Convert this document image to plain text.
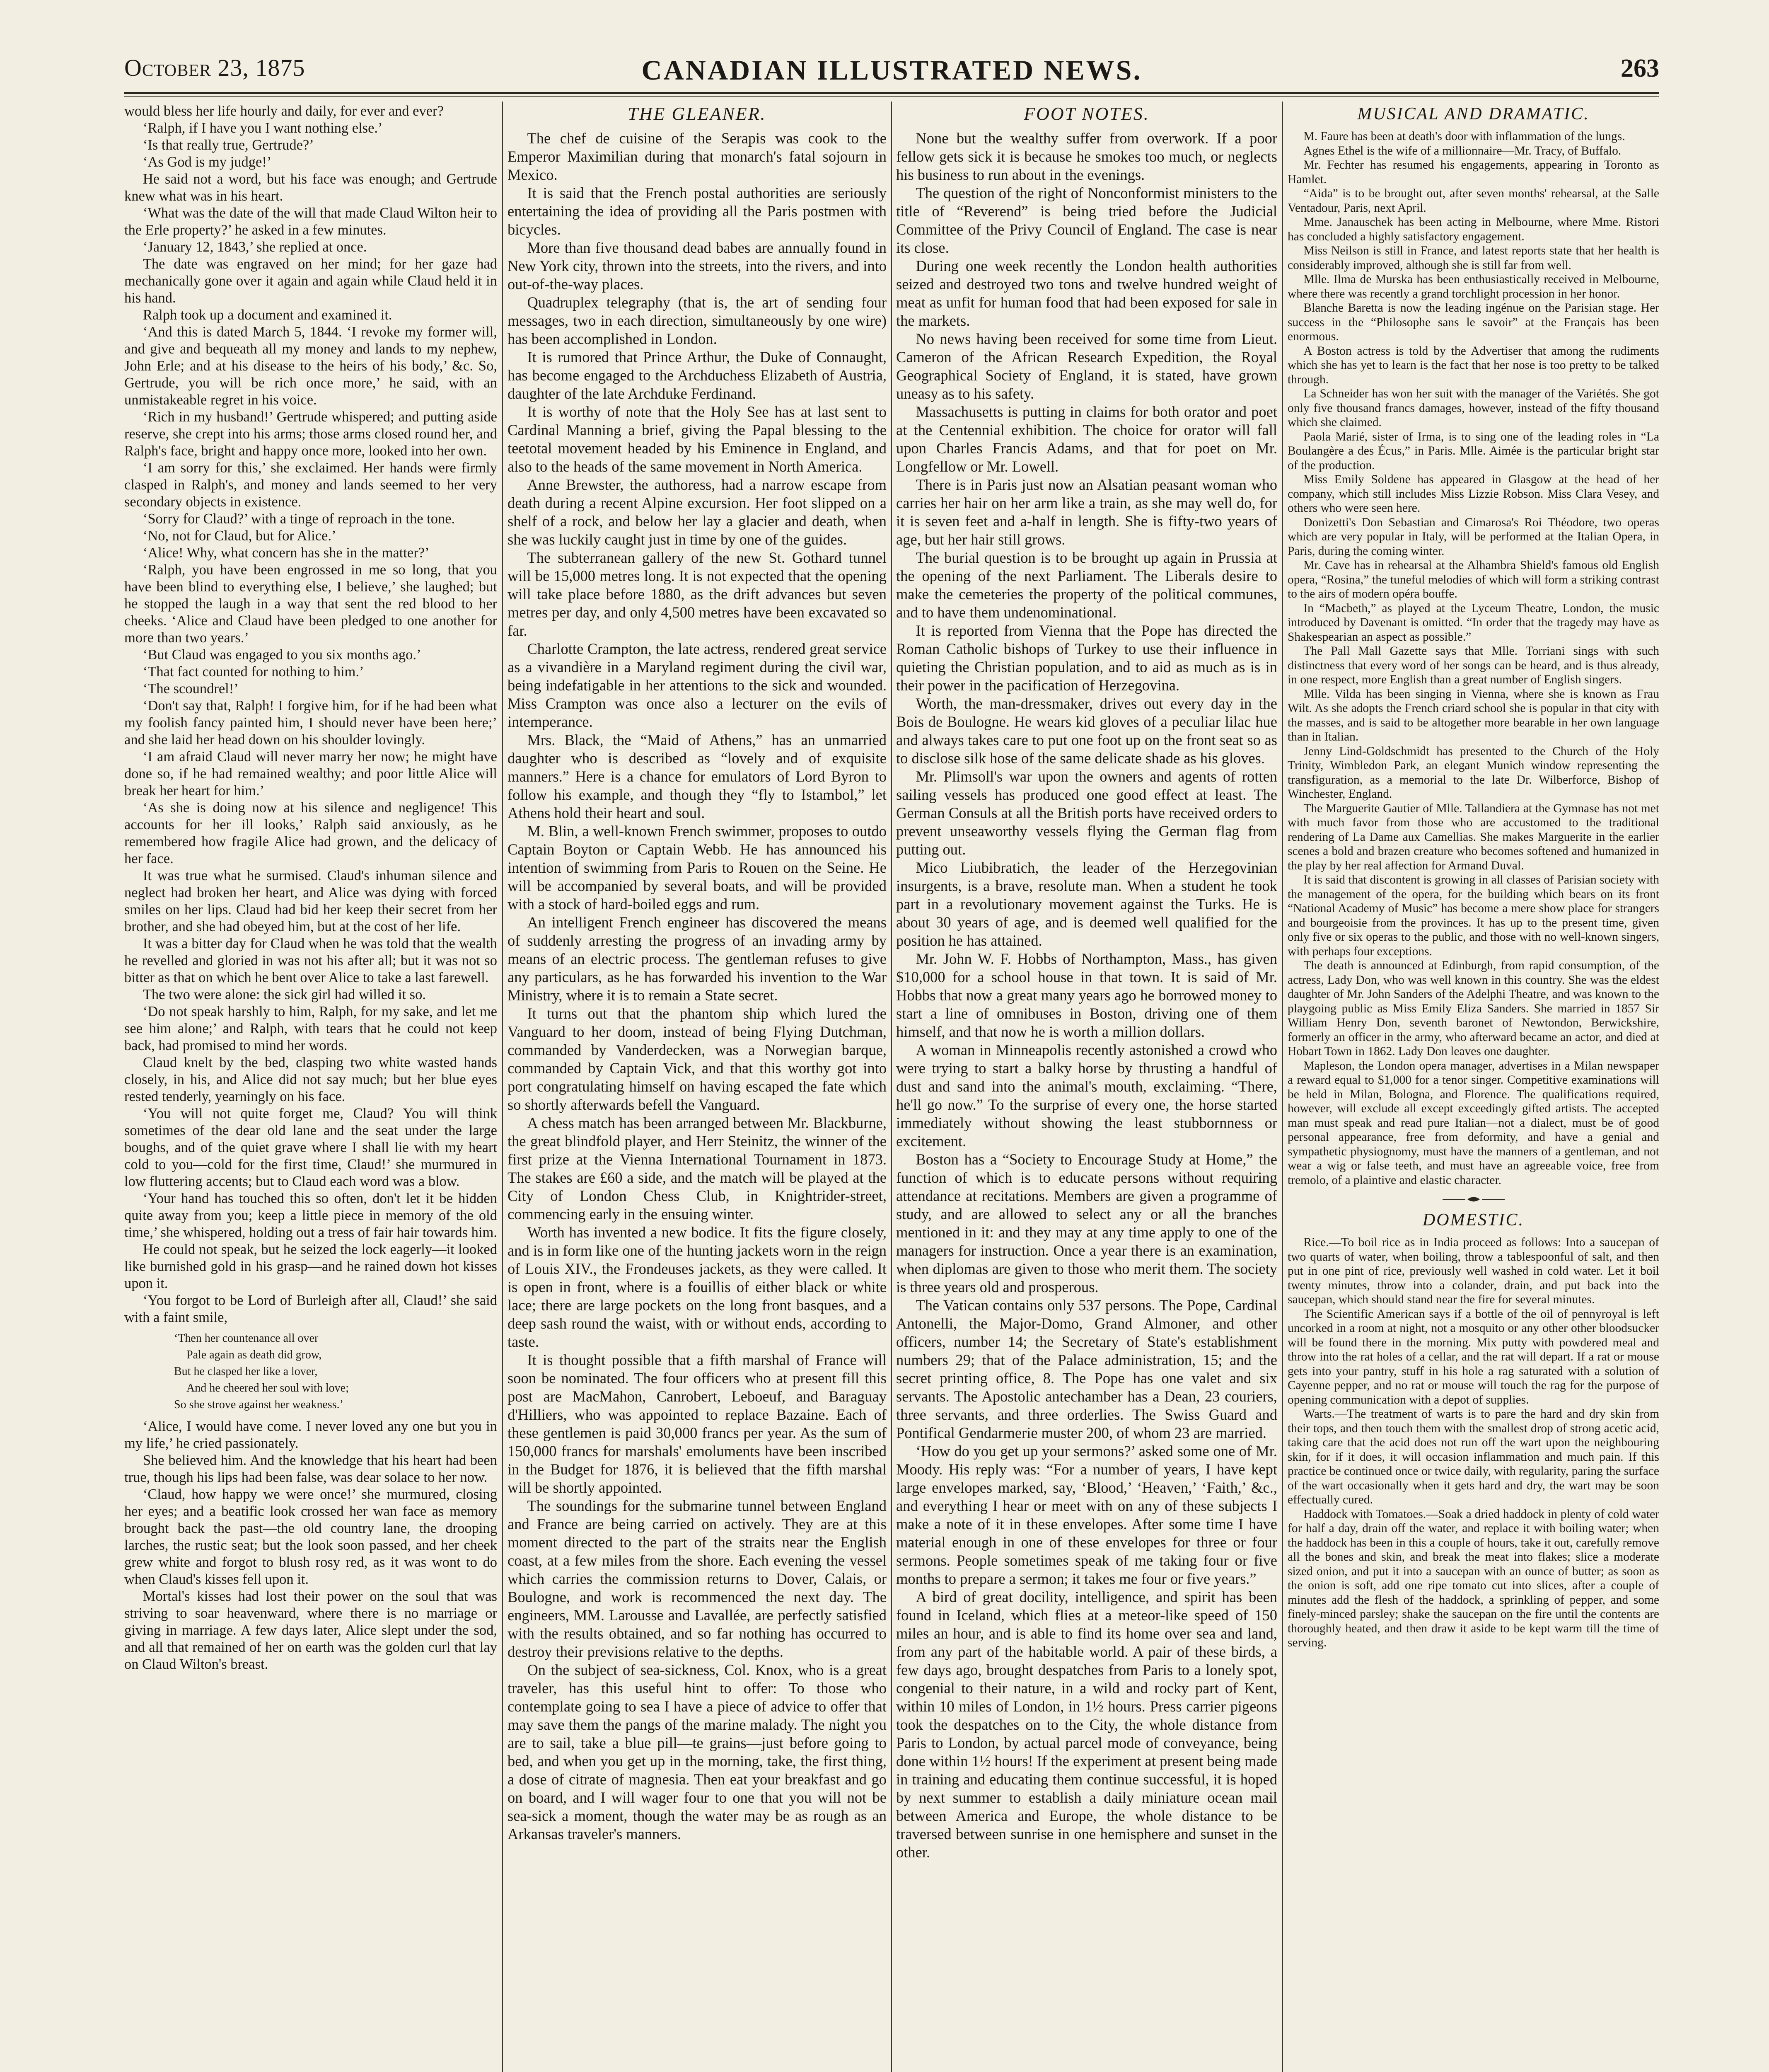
October 23, 1875	CANADIAN ILLUSTRATED NEWS.	263

would bless her life hourly and daily, for ever and ever?

‘Ralph, if I have you I want nothing else.’

‘Is that really true, Gertrude?’

‘As God is my judge!’

He said not a word, but his face was enough; and Gertrude knew what was in his heart.

‘What was the date of the will that made Claud Wilton heir to the Erle property?’ he asked in a few minutes.

‘January 12, 1843,’ she replied at once.

The date was engraved on her mind; for her gaze had mechanically gone over it again and again while Claud held it in his hand.

Ralph took up a document and examined it.

‘And this is dated March 5, 1844. ‘I revoke my former will, and give and bequeath all my money and lands to my nephew, John Erle; and at his disease to the heirs of his body,’ &c. So, Gertrude, you will be rich once more,’ he said, with an unmistakeable regret in his voice.

‘Rich in my husband!’ Gertrude whispered; and putting aside reserve, she crept into his arms; those arms closed round her, and Ralph's face, bright and happy once more, looked into her own.

‘I am sorry for this,’ she exclaimed. Her hands were firmly clasped in Ralph's, and money and lands seemed to her very secondary objects in existence.

‘Sorry for Claud?’ with a tinge of reproach in the tone.

‘No, not for Claud, but for Alice.’

‘Alice! Why, what concern has she in the matter?’

‘Ralph, you have been engrossed in me so long, that you have been blind to everything else, I believe,’ she laughed; but he stopped the laugh in a way that sent the red blood to her cheeks. ‘Alice and Claud have been pledged to one another for more than two years.’

‘But Claud was engaged to you six months ago.’

‘That fact counted for nothing to him.’

‘The scoundrel!’

‘Don't say that, Ralph! I forgive him, for if he had been what my foolish fancy painted him, I should never have been here;’ and she laid her head down on his shoulder lovingly.

‘I am afraid Claud will never marry her now; he might have done so, if he had remained wealthy; and poor little Alice will break her heart for him.’

‘As she is doing now at his silence and negligence! This accounts for her ill looks,’ Ralph said anxiously, as he remembered how fragile Alice had grown, and the delicacy of her face.

It was true what he surmised. Claud's inhuman silence and neglect had broken her heart, and Alice was dying with forced smiles on her lips. Claud had bid her keep their secret from her brother, and she had obeyed him, but at the cost of her life.

It was a bitter day for Claud when he was told that the wealth he revelled and gloried in was not his after all; but it was not so bitter as that on which he bent over Alice to take a last farewell.

The two were alone: the sick girl had willed it so.

‘Do not speak harshly to him, Ralph, for my sake, and let me see him alone;’ and Ralph, with tears that he could not keep back, had promised to mind her words.

Claud knelt by the bed, clasping two white wasted hands closely, in his, and Alice did not say much; but her blue eyes rested tenderly, yearningly on his face.

‘You will not quite forget me, Claud? You will think sometimes of the dear old lane and the seat under the large boughs, and of the quiet grave where I shall lie with my heart cold to you—cold for the first time, Claud!’ she murmured in low fluttering accents; but to Claud each word was a blow.

‘Your hand has touched this so often, don't let it be hidden quite away from you; keep a little piece in memory of the old time,’ she whispered, holding out a tress of fair hair towards him.

He could not speak, but he seized the lock eagerly—it looked like burnished gold in his grasp—and he rained down hot kisses upon it.

‘You forgot to be Lord of Burleigh after all, Claud!’ she said with a faint smile,

‘Then her countenance all over
Pale again as death did grow,
But he clasped her like a lover,
And he cheered her soul with love;
So she strove against her weakness.’

‘Alice, I would have come. I never loved any one but you in my life,’ he cried passionately.

She believed him. And the knowledge that his heart had been true, though his lips had been false, was dear solace to her now.

‘Claud, how happy we were once!’ she murmured, closing her eyes; and a beatific look crossed her wan face as memory brought back the past—the old country lane, the drooping larches, the rustic seat; but the look soon passed, and her cheek grew white and forgot to blush rosy red, as it was wont to do when Claud's kisses fell upon it.

Mortal's kisses had lost their power on the soul that was striving to soar heavenward, where there is no marriage or giving in marriage. A few days later, Alice slept under the sod, and all that remained of her on earth was the golden curl that lay on Claud Wilton's breast.

THE GLEANER.

The chef de cuisine of the Serapis was cook to the Emperor Maximilian during that monarch's fatal sojourn in Mexico.

It is said that the French postal authorities are seriously entertaining the idea of providing all the Paris postmen with bicycles.

More than five thousand dead babes are annually found in New York city, thrown into the streets, into the rivers, and into out-of-the-way places.

Quadruplex telegraphy (that is, the art of sending four messages, two in each direction, simultaneously by one wire) has been accomplished in London.

It is rumored that Prince Arthur, the Duke of Connaught, has become engaged to the Archduchess Elizabeth of Austria, daughter of the late Archduke Ferdinand.

It is worthy of note that the Holy See has at last sent to Cardinal Manning a brief, giving the Papal blessing to the teetotal movement headed by his Eminence in England, and also to the heads of the same movement in North America.

Anne Brewster, the authoress, had a narrow escape from death during a recent Alpine excursion. Her foot slipped on a shelf of a rock, and below her lay a glacier and death, when she was luckily caught just in time by one of the guides.

The subterranean gallery of the new St. Gothard tunnel will be 15,000 metres long. It is not expected that the opening will take place before 1880, as the drift advances but seven metres per day, and only 4,500 metres have been excavated so far.

Charlotte Crampton, the late actress, rendered great service as a vivandière in a Maryland regiment during the civil war, being indefatigable in her attentions to the sick and wounded. Miss Crampton was once also a lecturer on the evils of intemperance.

Mrs. Black, the “Maid of Athens,” has an unmarried daughter who is described as “lovely and of exquisite manners.” Here is a chance for emulators of Lord Byron to follow his example, and though they “fly to Istambol,” let Athens hold their heart and soul.

M. Blin, a well-known French swimmer, proposes to outdo Captain Boyton or Captain Webb. He has announced his intention of swimming from Paris to Rouen on the Seine. He will be accompanied by several boats, and will be provided with a stock of hard-boiled eggs and rum.

An intelligent French engineer has discovered the means of suddenly arresting the progress of an invading army by means of an electric process. The gentleman refuses to give any particulars, as he has forwarded his invention to the War Ministry, where it is to remain a State secret.

It turns out that the phantom ship which lured the Vanguard to her doom, instead of being Flying Dutchman, commanded by Vanderdecken, was a Norwegian barque, commanded by Captain Vick, and that this worthy got into port congratulating himself on having escaped the fate which so shortly afterwards befell the Vanguard.

A chess match has been arranged between Mr. Blackburne, the great blindfold player, and Herr Steinitz, the winner of the first prize at the Vienna International Tournament in 1873. The stakes are £60 a side, and the match will be played at the City of London Chess Club, in Knightrider-street, commencing early in the ensuing winter.

Worth has invented a new bodice. It fits the figure closely, and is in form like one of the hunting jackets worn in the reign of Louis XIV., the Frondeuses jackets, as they were called. It is open in front, where is a fouillis of either black or white lace; there are large pockets on the long front basques, and a deep sash round the waist, with or without ends, according to taste.

It is thought possible that a fifth marshal of France will soon be nominated. The four officers who at present fill this post are MacMahon, Canrobert, Leboeuf, and Baraguay d'Hilliers, who was appointed to replace Bazaine. Each of these gentlemen is paid 30,000 francs per year. As the sum of 150,000 francs for marshals' emoluments have been inscribed in the Budget for 1876, it is believed that the fifth marshal will be shortly appointed.

The soundings for the submarine tunnel between England and France are being carried on actively. They are at this moment directed to the part of the straits near the English coast, at a few miles from the shore. Each evening the vessel which carries the commission returns to Dover, Calais, or Boulogne, and work is recommenced the next day. The engineers, MM. Larousse and Lavallée, are perfectly satisfied with the results obtained, and so far nothing has occurred to destroy their previsions relative to the depths.

On the subject of sea-sickness, Col. Knox, who is a great traveler, has this useful hint to offer: To those who contemplate going to sea I have a piece of advice to offer that may save them the pangs of the marine malady. The night you are to sail, take a blue pill—te grains—just before going to bed, and when you get up in the morning, take, the first thing, a dose of citrate of magnesia. Then eat your breakfast and go on board, and I will wager four to one that you will not be sea-sick a moment, though the water may be as rough as an Arkansas traveler's manners.

FOOT NOTES.

None but the wealthy suffer from overwork. If a poor fellow gets sick it is because he smokes too much, or neglects his business to run about in the evenings.

The question of the right of Nonconformist ministers to the title of “Reverend” is being tried before the Judicial Committee of the Privy Council of England. The case is near its close.

During one week recently the London health authorities seized and destroyed two tons and twelve hundred weight of meat as unfit for human food that had been exposed for sale in the markets.

No news having been received for some time from Lieut. Cameron of the African Research Expedition, the Royal Geographical Society of England, it is stated, have grown uneasy as to his safety.

Massachusetts is putting in claims for both orator and poet at the Centennial exhibition. The choice for orator will fall upon Charles Francis Adams, and that for poet on Mr. Longfellow or Mr. Lowell.

There is in Paris just now an Alsatian peasant woman who carries her hair on her arm like a train, as she may well do, for it is seven feet and a-half in length. She is fifty-two years of age, but her hair still grows.

The burial question is to be brought up again in Prussia at the opening of the next Parliament. The Liberals desire to make the cemeteries the property of the political communes, and to have them undenominational.

It is reported from Vienna that the Pope has directed the Roman Catholic bishops of Turkey to use their influence in quieting the Christian population, and to aid as much as is in their power in the pacification of Herzegovina.

Worth, the man-dressmaker, drives out every day in the Bois de Boulogne. He wears kid gloves of a peculiar lilac hue and always takes care to put one foot up on the front seat so as to disclose silk hose of the same delicate shade as his gloves.

Mr. Plimsoll's war upon the owners and agents of rotten sailing vessels has produced one good effect at least. The German Consuls at all the British ports have received orders to prevent unseaworthy vessels flying the German flag from putting out.

Mico Liubibratich, the leader of the Herzegovinian insurgents, is a brave, resolute man. When a student he took part in a revolutionary movement against the Turks. He is about 30 years of age, and is deemed well qualified for the position he has attained.

Mr. John W. F. Hobbs of Northampton, Mass., has given $10,000 for a school house in that town. It is said of Mr. Hobbs that now a great many years ago he borrowed money to start a line of omnibuses in Boston, driving one of them himself, and that now he is worth a million dollars.

A woman in Minneapolis recently astonished a crowd who were trying to start a balky horse by thrusting a handful of dust and sand into the animal's mouth, exclaiming. “There, he'll go now.” To the surprise of every one, the horse started immediately without showing the least stubbornness or excitement.

Boston has a “Society to Encourage Study at Home,” the function of which is to educate persons without requiring attendance at recitations. Members are given a programme of study, and are allowed to select any or all the branches mentioned in it: and they may at any time apply to one of the managers for instruction. Once a year there is an examination, when diplomas are given to those who merit them. The society is three years old and prosperous.

The Vatican contains only 537 persons. The Pope, Cardinal Antonelli, the Major-Domo, Grand Almoner, and other officers, number 14; the Secretary of State's establishment numbers 29; that of the Palace administration, 15; and the secret printing office, 8. The Pope has one valet and six servants. The Apostolic antechamber has a Dean, 23 couriers, three servants, and three orderlies. The Swiss Guard and Pontifical Gendarmerie muster 200, of whom 23 are married.

‘How do you get up your sermons?’ asked some one of Mr. Moody. His reply was: “For a number of years, I have kept large envelopes marked, say, ‘Blood,’ ‘Heaven,’ ‘Faith,’ &c., and everything I hear or meet with on any of these subjects I make a note of it in these envelopes. After some time I have material enough in one of these envelopes for three or four sermons. People sometimes speak of me taking four or five months to prepare a sermon; it takes me four or five years.”

A bird of great docility, intelligence, and spirit has been found in Iceland, which flies at a meteor-like speed of 150 miles an hour, and is able to find its home over sea and land, from any part of the habitable world. A pair of these birds, a few days ago, brought despatches from Paris to a lonely spot, congenial to their nature, in a wild and rocky part of Kent, within 10 miles of London, in 1½ hours. Press carrier pigeons took the despatches on to the City, the whole distance from Paris to London, by actual parcel mode of conveyance, being done within 1½ hours! If the experiment at present being made in training and educating them continue successful, it is hoped by next summer to establish a daily miniature ocean mail between America and Europe, the whole distance to be traversed between sunrise in one hemisphere and sunset in the other.

MUSICAL AND DRAMATIC.

M. Faure has been at death's door with inflammation of the lungs.

Agnes Ethel is the wife of a millionnaire—Mr. Tracy, of Buffalo.

Mr. Fechter has resumed his engagements, appearing in Toronto as Hamlet.

“Aida” is to be brought out, after seven months' rehearsal, at the Salle Ventadour, Paris, next April.

Mme. Janauschek has been acting in Melbourne, where Mme. Ristori has concluded a highly satisfactory engagement.

Miss Neilson is still in France, and latest reports state that her health is considerably improved, although she is still far from well.

Mlle. Ilma de Murska has been enthusiastically received in Melbourne, where there was recently a grand torchlight procession in her honor.

Blanche Baretta is now the leading ingénue on the Parisian stage. Her success in the “Philosophe sans le savoir” at the Français has been enormous.

A Boston actress is told by the Advertiser that among the rudiments which she has yet to learn is the fact that her nose is too pretty to be talked through.

La Schneider has won her suit with the manager of the Variétés. She got only five thousand francs damages, however, instead of the fifty thousand which she claimed.

Paola Marié, sister of Irma, is to sing one of the leading roles in “La Boulangère a des Écus,” in Paris. Mlle. Aimée is the particular bright star of the production.

Miss Emily Soldene has appeared in Glasgow at the head of her company, which still includes Miss Lizzie Robson. Miss Clara Vesey, and others who were seen here.

Donizetti's Don Sebastian and Cimarosa's Roi Théodore, two operas which are very popular in Italy, will be performed at the Italian Opera, in Paris, during the coming winter.

Mr. Cave has in rehearsal at the Alhambra Shield's famous old English opera, “Rosina,” the tuneful melodies of which will form a striking contrast to the airs of modern opéra bouffe.

In “Macbeth,” as played at the Lyceum Theatre, London, the music introduced by Davenant is omitted. “In order that the tragedy may have as Shakespearian an aspect as possible.”

The Pall Mall Gazette says that Mlle. Torriani sings with such distinctness that every word of her songs can be heard, and is thus already, in one respect, more English than a great number of English singers.

Mlle. Vilda has been singing in Vienna, where she is known as Frau Wilt. As she adopts the French criard school she is popular in that city with the masses, and is said to be altogether more bearable in her own language than in Italian.

Jenny Lind-Goldschmidt has presented to the Church of the Holy Trinity, Wimbledon Park, an elegant Munich window representing the transfiguration, as a memorial to the late Dr. Wilberforce, Bishop of Winchester, England.

The Marguerite Gautier of Mlle. Tallandiera at the Gymnase has not met with much favor from those who are accustomed to the traditional rendering of La Dame aux Camellias. She makes Marguerite in the earlier scenes a bold and brazen creature who becomes softened and humanized in the play by her real affection for Armand Duval.

It is said that discontent is growing in all classes of Parisian society with the management of the opera, for the building which bears on its front “National Academy of Music” has become a mere show place for strangers and bourgeoisie from the provinces. It has up to the present time, given only five or six operas to the public, and those with no well-known singers, with perhaps four exceptions.

The death is announced at Edinburgh, from rapid consumption, of the actress, Lady Don, who was well known in this country. She was the eldest daughter of Mr. John Sanders of the Adelphi Theatre, and was known to the playgoing public as Miss Emily Eliza Sanders. She married in 1857 Sir William Henry Don, seventh baronet of Newtondon, Berwickshire, formerly an officer in the army, who afterward became an actor, and died at Hobart Town in 1862. Lady Don leaves one daughter.

Mapleson, the London opera manager, advertises in a Milan newspaper a reward equal to $1,000 for a tenor singer. Competitive examinations will be held in Milan, Bologna, and Florence. The qualifications required, however, will exclude all except exceedingly gifted artists. The accepted man must speak and read pure Italian—not a dialect, must be of good personal appearance, free from deformity, and have a genial and sympathetic physiognomy, must have the manners of a gentleman, and not wear a wig or false teeth, and must have an agreeable voice, free from tremolo, of a plaintive and elastic character.

DOMESTIC.

Rice.—To boil rice as in India proceed as follows: Into a saucepan of two quarts of water, when boiling, throw a tablespoonful of salt, and then put in one pint of rice, previously well washed in cold water. Let it boil twenty minutes, throw into a colander, drain, and put back into the saucepan, which should stand near the fire for several minutes.

The Scientific American says if a bottle of the oil of pennyroyal is left uncorked in a room at night, not a mosquito or any other other bloodsucker will be found there in the morning. Mix putty with powdered meal and throw into the rat holes of a cellar, and the rat will depart. If a rat or mouse gets into your pantry, stuff in his hole a rag saturated with a solution of Cayenne pepper, and no rat or mouse will touch the rag for the purpose of opening communication with a depot of supplies.

Warts.—The treatment of warts is to pare the hard and dry skin from their tops, and then touch them with the smallest drop of strong acetic acid, taking care that the acid does not run off the wart upon the neighbouring skin, for if it does, it will occasion inflammation and much pain. If this practice be continued once or twice daily, with regularity, paring the surface of the wart occasionally when it gets hard and dry, the wart may be soon effectually cured.

Haddock with Tomatoes.—Soak a dried haddock in plenty of cold water for half a day, drain off the water, and replace it with boiling water; when the haddock has been in this a couple of hours, take it out, carefully remove all the bones and skin, and break the meat into flakes; slice a moderate sized onion, and put it into a saucepan with an ounce of butter; as soon as the onion is soft, add one ripe tomato cut into slices, after a couple of minutes add the flesh of the haddock, a sprinkling of pepper, and some finely-minced parsley; shake the saucepan on the fire until the contents are thoroughly heated, and then draw it aside to be kept warm till the time of serving.
